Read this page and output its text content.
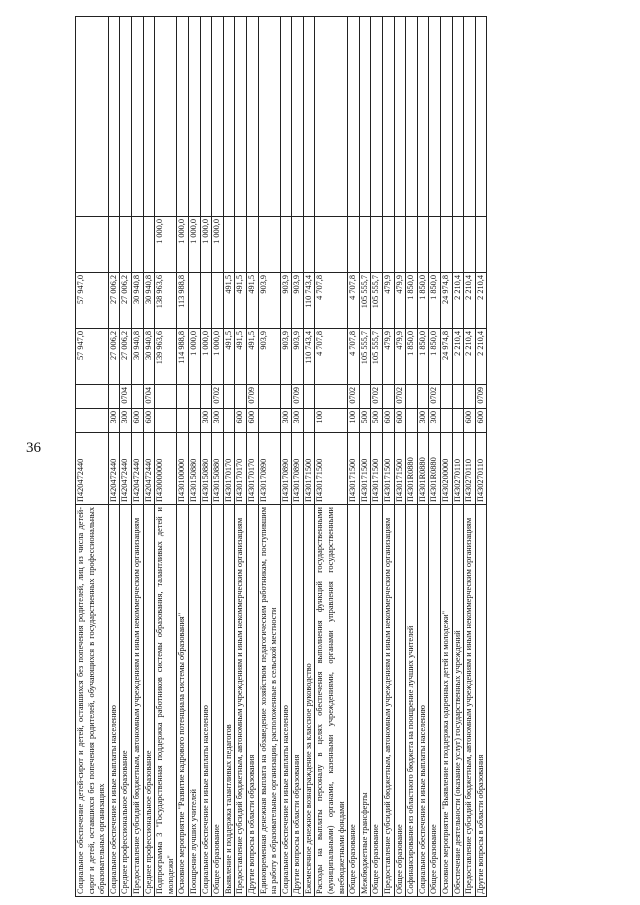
36
Социальное обеспечение детей-сирот и детей, оставшихся без попечения родителей, лиц из числа детей-сирот и детей, оставшихся без попечения родителей, обучающихся в государственных профессиональных образовательных организациях	П420472440			57 947,0	57 947,0		
Социальное обеспечение и иные выплаты населению	П420472440	300		27 006,2	27 006,2		
Среднее профессиональное образование	П420472440	300	0704	27 006,2	27 006,2		
Предоставление субсидий бюджетным, автономным учреждениям и иным некоммерческим организациям	П420472440	600		30 940,8	30 940,8		
Среднее профессиональное образование	П420472440	600	0704	30 940,8	30 940,8		
Подпрограмма 3 "Государственная поддержка работников системы образования, талантливых детей и молодежи"	П430000000			139 963,6	138 963,6	1 000,0	
Основное мероприятие "Развитие кадрового потенциала системы образования"	П430100000			114 988,8	113 988,8	1 000,0	
Поощрение лучших учителей	П430150880			1 000,0		1 000,0	
Социальное обеспечение и иные выплаты населению	П430150880	300		1 000,0		1 000,0	
Общее образование	П430150880	300	0702	1 000,0		1 000,0	
Выявление и поддержка талантливых педагогов	П430170170			491,5	491,5		
Предоставление субсидий бюджетным, автономным учреждениям и иным некоммерческим организациям	П430170170	600		491,5	491,5		
Другие вопросы в области образования	П430170170	600	0709	491,5	491,5		
Единовременная денежная выплата на обзаведение хозяйством педагогическим работникам, поступившим на работу в образовательные организации, расположенные в сельской местности	П430170890			903,9	903,9		
Социальное обеспечение и иные выплаты населению	П430170890	300		903,9	903,9		
Другие вопросы в области образования	П430170890	300	0709	903,9	903,9		
Ежемесячное денежное вознаграждение за классное руководство	П430171500			110 743,4	110 743,4		
Расходы на выплаты персоналу в целях обеспечения выполнения функций государственными (муниципальными) органами, казенными учреждениями, органами управления государственными внебюджетными фондами	П430171500	100		4 707,8	4 707,8		
Общее образование	П430171500	100	0702	4 707,8	4 707,8		
Межбюджетные трансферты	П430171500	500		105 555,7	105 555,7		
Общее образование	П430171500	500	0702	105 555,7	105 555,7		
Предоставление субсидий бюджетным, автономным учреждениям и иным некоммерческим организациям	П430171500	600		479,9	479,9		
Общее образование	П430171500	600	0702	479,9	479,9		
Софинансирование из областного бюджета на поощрение лучших учителей	П4301R0880			1 850,0	1 850,0		
Социальное обеспечение и иные выплаты населению	П4301R0880	300		1 850,0	1 850,0		
Общее образование	П4301R0880	300	0702	1 850,0	1 850,0		
Основное мероприятие "Выявление и поддержка одаренных детей и молодежи"	П430200000			24 974,8	24 974,8		
Обеспечение деятельности (оказание услуг) государственных учреждений	П430270110			2 210,4	2 210,4		
Предоставление субсидий бюджетным, автономным учреждениям и иным некоммерческим организациям	П430270110	600		2 210,4	2 210,4		
Другие вопросы в области образования	П430270110	600	0709	2 210,4	2 210,4		
